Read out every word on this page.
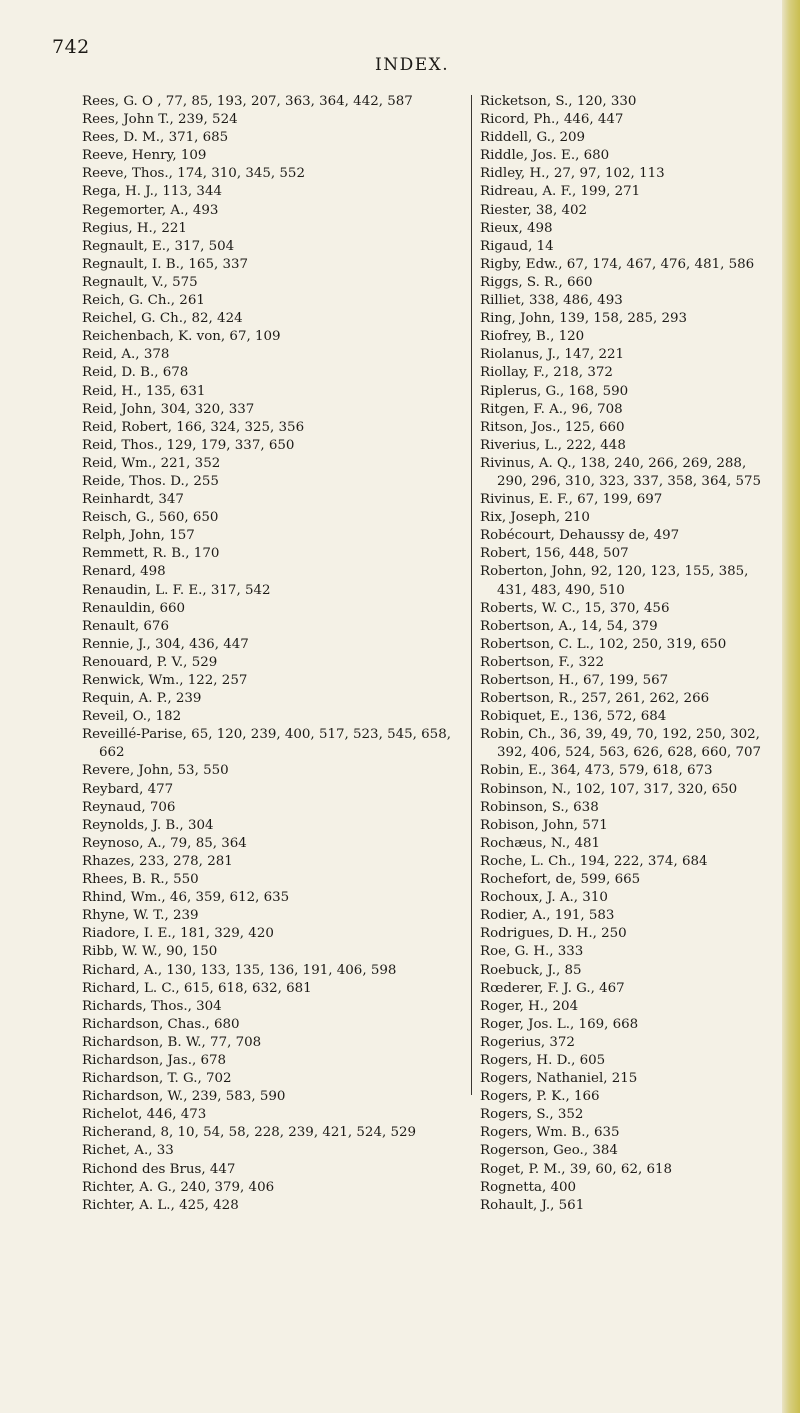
742
INDEX.

Rees, G. O , 77, 85, 193, 207, 363, 364, 442, 587

Rees, John T., 239, 524

Rees, D. M., 371, 685

Reeve, Henry, 109

Reeve, Thos., 174, 310, 345, 552

Rega, H. J., 113, 344

Regemorter, A., 493

Regius, H., 221

Regnault, E., 317, 504

Regnault, I. B., 165, 337

Regnault, V., 575

Reich, G. Ch., 261

Reichel, G. Ch., 82, 424

Reichenbach, K. von, 67, 109

Reid, A., 378

Reid, D. B., 678

Reid, H., 135, 631

Reid, John, 304, 320, 337

Reid, Robert, 166, 324, 325, 356

Reid, Thos., 129, 179, 337, 650

Reid, Wm., 221, 352

Reide, Thos. D., 255

Reinhardt, 347

Reisch, G., 560, 650

Relph, John, 157

Remmett, R. B., 170

Renard, 498

Renaudin, L. F. E., 317, 542

Renauldin, 660

Renault, 676

Rennie, J., 304, 436, 447

Renouard, P. V., 529

Renwick, Wm., 122, 257

Requin, A. P., 239

Reveil, O., 182

Reveillé-Parise, 65, 120, 239, 400, 517, 523, 545, 658, 662

Revere, John, 53, 550

Reybard, 477

Reynaud, 706

Reynolds, J. B., 304

Reynoso, A., 79, 85, 364

Rhazes, 233, 278, 281

Rhees, B. R., 550

Rhind, Wm., 46, 359, 612, 635

Rhyne, W. T., 239

Riadore, I. E., 181, 329, 420

Ribb, W. W., 90, 150

Richard, A., 130, 133, 135, 136, 191, 406, 598

Richard, L. C., 615, 618, 632, 681

Richards, Thos., 304

Richardson, Chas., 680

Richardson, B. W., 77, 708

Richardson, Jas., 678

Richardson, T. G., 702

Richardson, W., 239, 583, 590

Richelot, 446, 473

Richerand, 8, 10, 54, 58, 228, 239, 421, 524, 529

Richet, A., 33

Richond des Brus, 447

Richter, A. G., 240, 379, 406

Richter, A. L., 425, 428

Ricketson, S., 120, 330

Ricord, Ph., 446, 447

Riddell, G., 209

Riddle, Jos. E., 680

Ridley, H., 27, 97, 102, 113

Ridreau, A. F., 199, 271

Riester, 38, 402

Rieux, 498

Rigaud, 14

Rigby, Edw., 67, 174, 467, 476, 481, 586

Riggs, S. R., 660

Rilliet, 338, 486, 493

Ring, John, 139, 158, 285, 293

Riofrey, B., 120

Riolanus, J., 147, 221

Riollay, F., 218, 372

Riplerus, G., 168, 590

Ritgen, F. A., 96, 708

Ritson, Jos., 125, 660

Riverius, L., 222, 448

Rivinus, A. Q., 138, 240, 266, 269, 288, 290, 296, 310, 323, 337, 358, 364, 575

Rivinus, E. F., 67, 199, 697

Rix, Joseph, 210

Robécourt, Dehaussy de, 497

Robert, 156, 448, 507

Roberton, John, 92, 120, 123, 155, 385, 431, 483, 490, 510

Roberts, W. C., 15, 370, 456

Robertson, A., 14, 54, 379

Robertson, C. L., 102, 250, 319, 650

Robertson, F., 322

Robertson, H., 67, 199, 567

Robertson, R., 257, 261, 262, 266

Robiquet, E., 136, 572, 684

Robin, Ch., 36, 39, 49, 70, 192, 250, 302, 392, 406, 524, 563, 626, 628, 660, 707

Robin, E., 364, 473, 579, 618, 673

Robinson, N., 102, 107, 317, 320, 650

Robinson, S., 638

Robison, John, 571

Rochæus, N., 481

Roche, L. Ch., 194, 222, 374, 684

Rochefort, de, 599, 665

Rochoux, J. A., 310

Rodier, A., 191, 583

Rodrigues, D. H., 250

Roe, G. H., 333

Roebuck, J., 85

Rœderer, F. J. G., 467

Roger, H., 204

Roger, Jos. L., 169, 668

Rogerius, 372

Rogers, H. D., 605

Rogers, Nathaniel, 215

Rogers, P. K., 166

Rogers, S., 352

Rogers, Wm. B., 635

Rogerson, Geo., 384

Roget, P. M., 39, 60, 62, 618

Rognetta, 400

Rohault, J., 561
